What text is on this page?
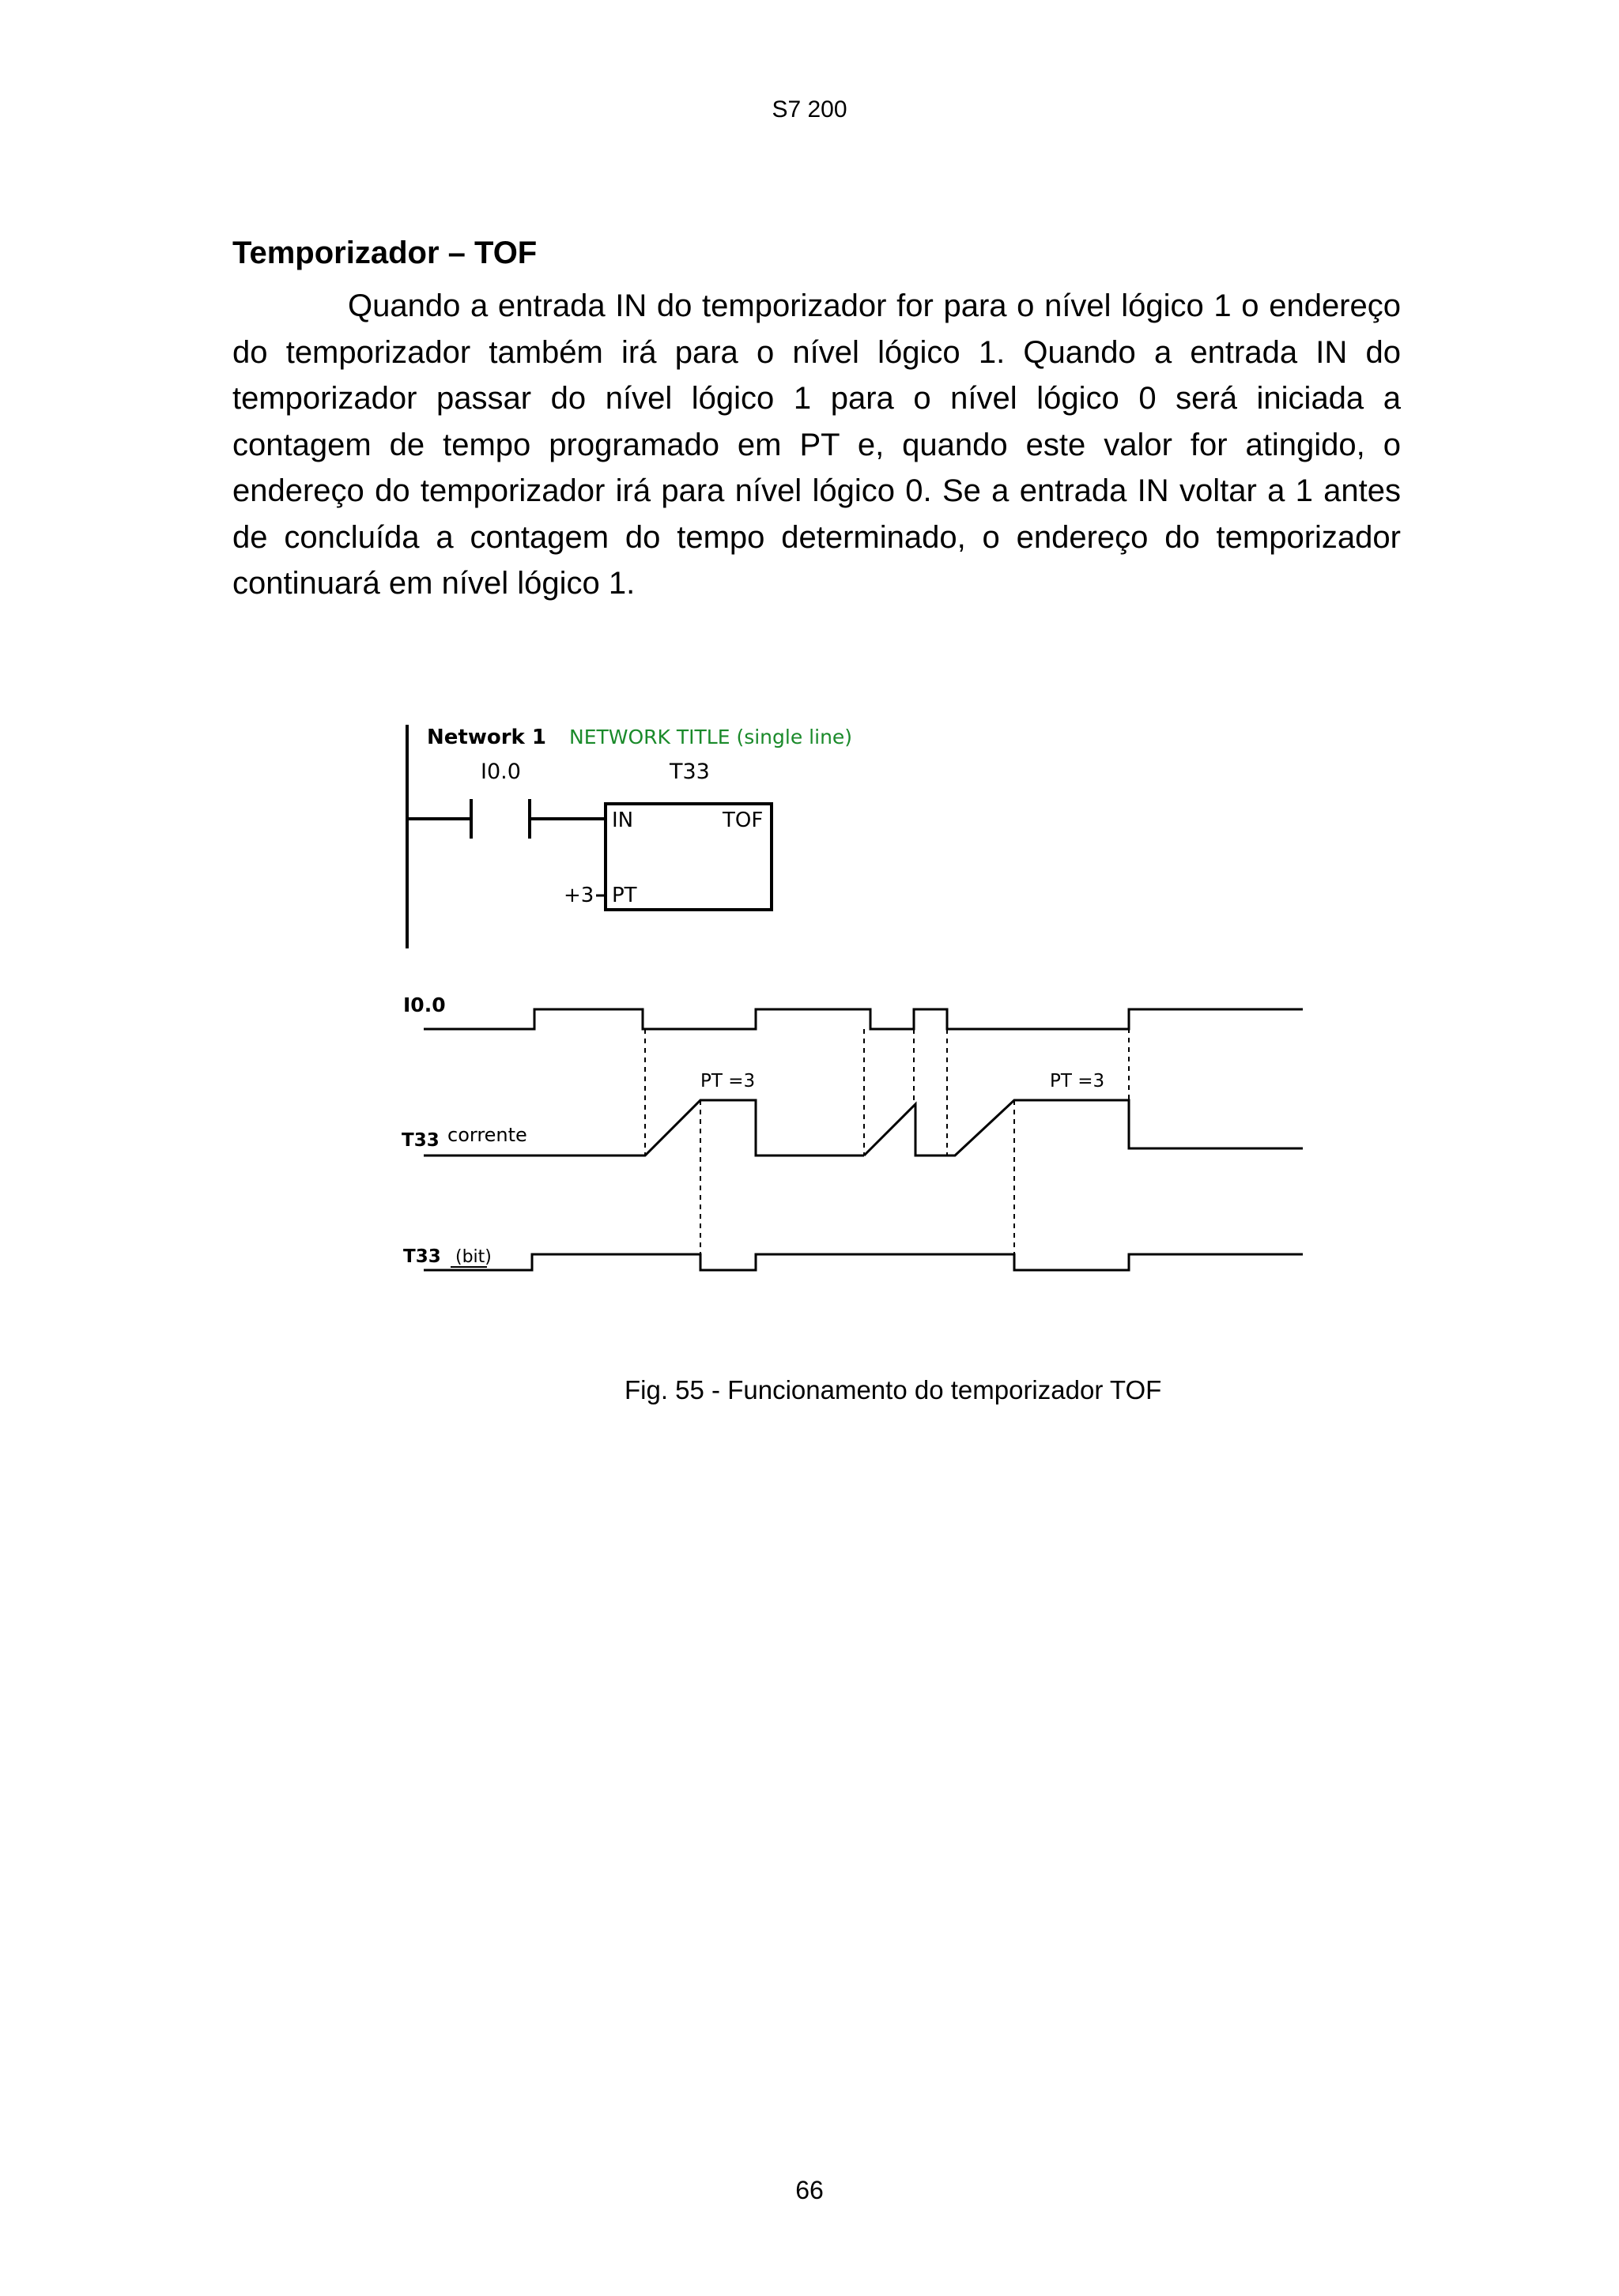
S7 200
Temporizador – TOF

Quando a entrada IN do temporizador for para o nível lógico 1 o endereço do temporizador também irá para o nível lógico 1. Quando a entrada IN do temporizador passar do nível lógico 1 para o nível lógico 0 será iniciada a contagem de tempo programado em PT e, quando este valor for atingido, o endereço do temporizador irá para nível lógico 0. Se a entrada IN voltar a 1 antes de concluída a contagem do tempo determinado, o endereço do temporizador continuará em nível lógico 1.

Network 1 NETWORK TITLE (single line)
I0.0	T33
IN	TOF
+3 PT
I0.0
T33 corrente
T33 (bit)
PT =3	PT =3
Fig. 55 - Funcionamento do temporizador TOF
66
